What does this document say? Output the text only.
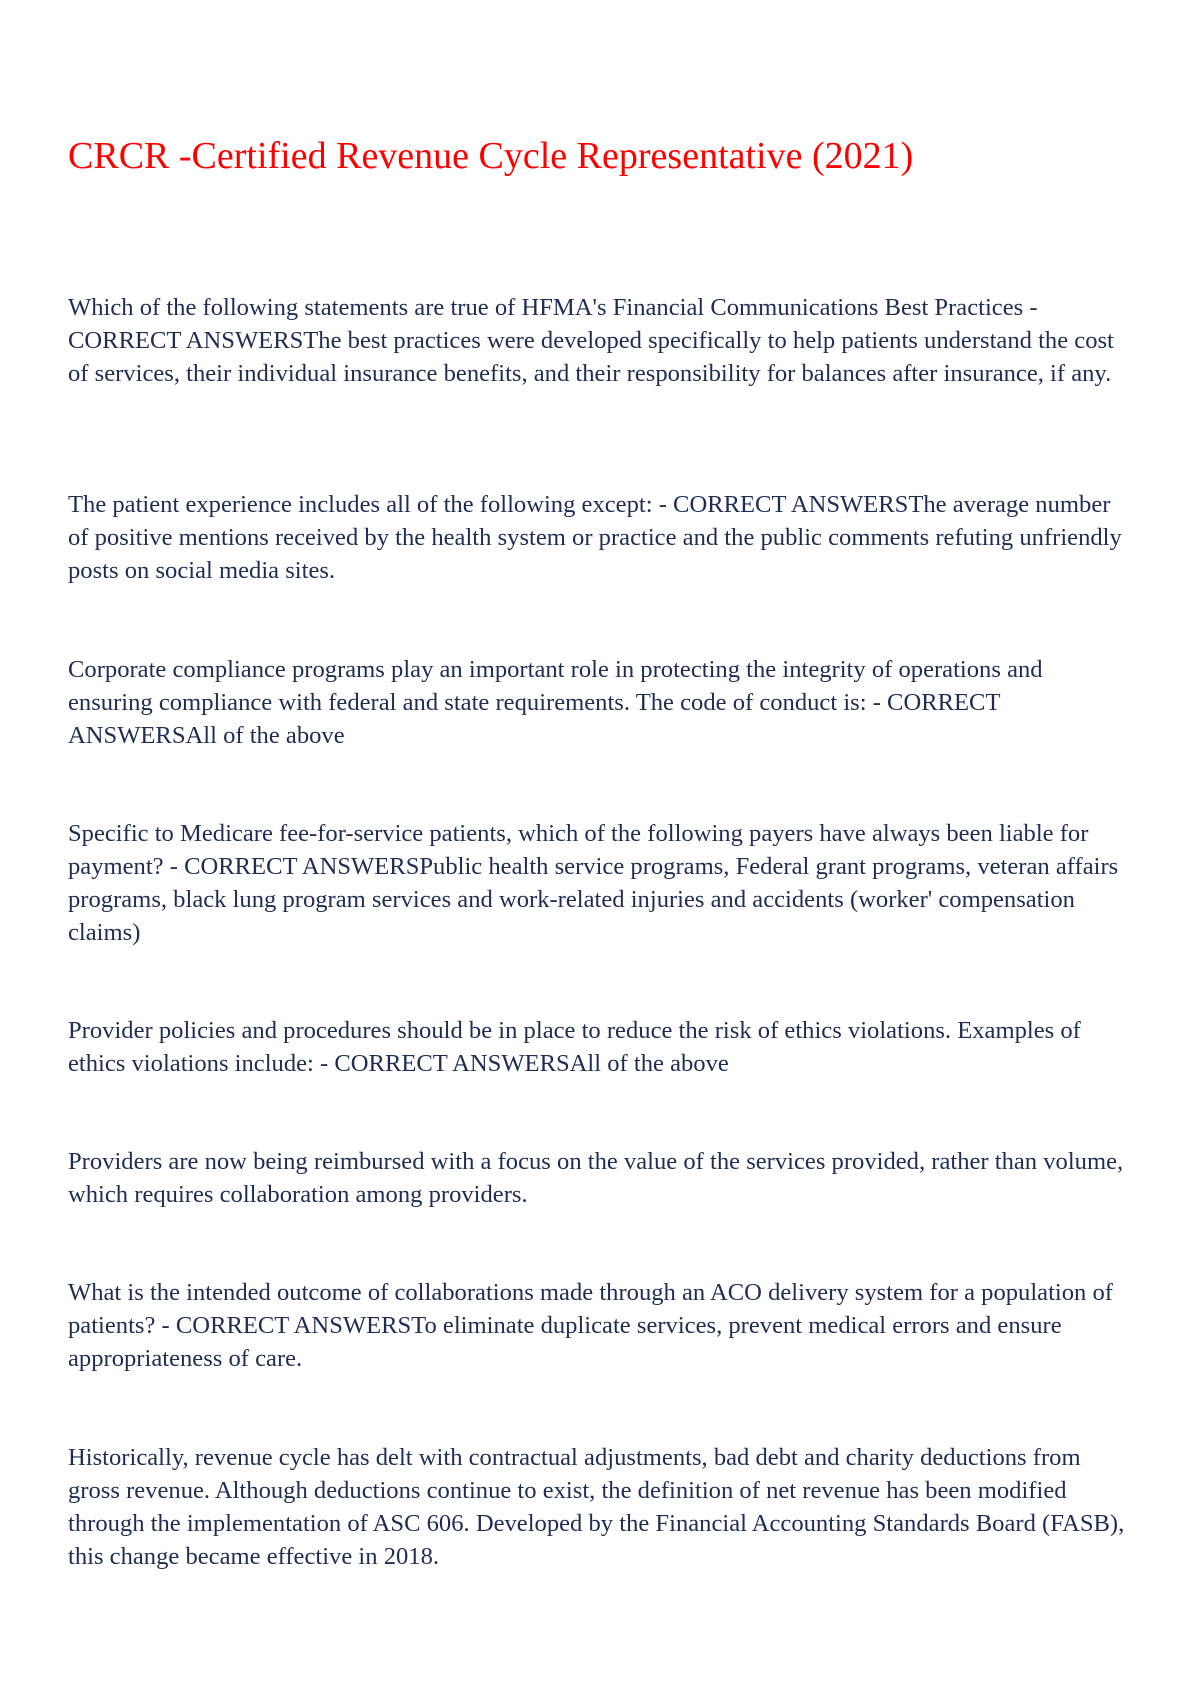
CRCR -Certified Revenue Cycle Representative (2021)

Which of the following statements are true of HFMA's Financial Communications Best Practices - CORRECT ANSWERSThe best practices were developed specifically to help patients understand the cost of services, their individual insurance benefits, and their responsibility for balances after insurance, if any.

The patient experience includes all of the following except: - CORRECT ANSWERSThe average number of positive mentions received by the health system or practice and the public comments refuting unfriendly posts on social media sites.

Corporate compliance programs play an important role in protecting the integrity of operations and ensuring compliance with federal and state requirements. The code of conduct is: - CORRECT ANSWERSAll of the above

Specific to Medicare fee-for-service patients, which of the following payers have always been liable for payment? - CORRECT ANSWERSPublic health service programs, Federal grant programs, veteran affairs programs, black lung program services and work-related injuries and accidents (worker' compensation claims)

Provider policies and procedures should be in place to reduce the risk of ethics violations. Examples of ethics violations include: - CORRECT ANSWERSAll of the above

Providers are now being reimbursed with a focus on the value of the services provided, rather than volume, which requires collaboration among providers.

What is the intended outcome of collaborations made through an ACO delivery system for a population of patients? - CORRECT ANSWERSTo eliminate duplicate services, prevent medical errors and ensure appropriateness of care.

Historically, revenue cycle has delt with contractual adjustments, bad debt and charity deductions from gross revenue. Although deductions continue to exist, the definition of net revenue has been modified through the implementation of ASC 606. Developed by the Financial Accounting Standards Board (FASB), this change became effective in 2018.
